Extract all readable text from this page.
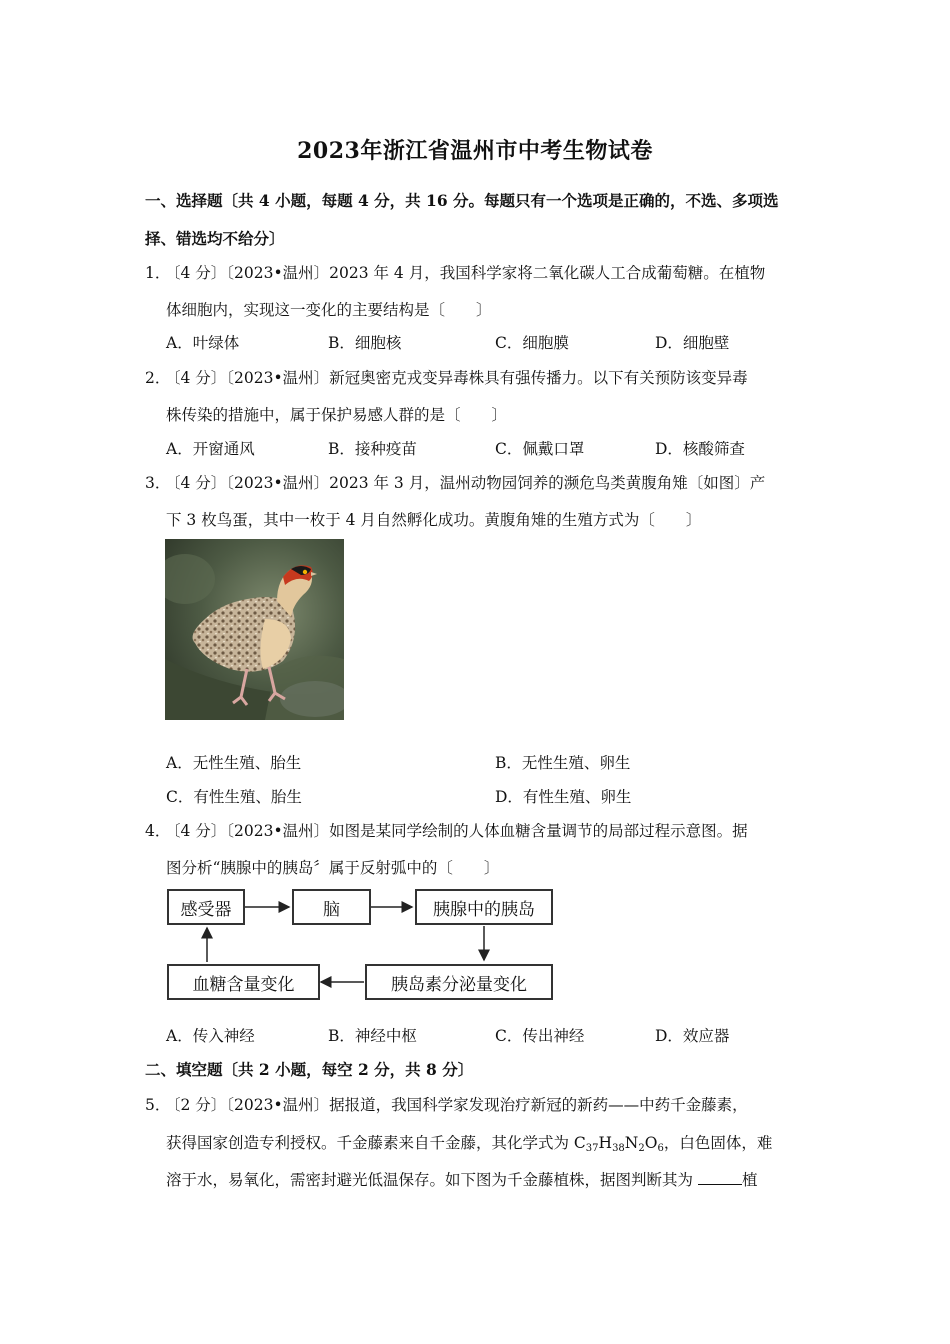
2023年浙江省温州市中考生物试卷
一、选择题〔共 4 小题，每题 4 分，共 16 分。每题只有一个选项是正确的，不选、多项选
择、错选均不给分〕
1．〔4 分〕〔2023•温州〕2023 年 4 月，我国科学家将二氧化碳人工合成葡萄糖。在植物
体细胞内，实现这一变化的主要结构是〔　　〕
A．叶绿体	B．细胞核	C．细胞膜	D．细胞壁
2．〔4 分〕〔2023•温州〕新冠奥密克戎变异毒株具有强传播力。以下有关预防该变异毒
株传染的措施中，属于保护易感人群的是〔　　〕
A．开窗通风	B．接种疫苗	C．佩戴口罩	D．核酸筛查
3．〔4 分〕〔2023•温州〕2023 年 3 月，温州动物园饲养的濒危鸟类黄腹角雉〔如图〕产
下 3 枚鸟蛋，其中一枚于 4 月自然孵化成功。黄腹角雉的生殖方式为〔　　〕
A．无性生殖、胎生	B．无性生殖、卵生
C．有性生殖、胎生	D．有性生殖、卵生
4．〔4 分〕〔2023•温州〕如图是某同学绘制的人体血糖含量调节的局部过程示意图。据
图分析“胰腺中的胰岛〞属于反射弧中的〔　　〕
感受器	脑	胰腺中的胰岛
胰岛素分泌量变化
血糖含量变化
A．传入神经	B．神经中枢	C．传出神经	D．效应器
二、填空题〔共 2 小题，每空 2 分，共 8 分〕
5．〔2 分〕〔2023•温州〕据报道，我国科学家发现治疗新冠的新药——中药千金藤素，
获得国家创造专利授权。千金藤素来自千金藤，其化学式为 $C_{37}H_{38}N_2O_6$，白色固体，难
溶于水，易氧化，需密封避光低温保存。如下图为千金藤植株，据图判断其为	植
